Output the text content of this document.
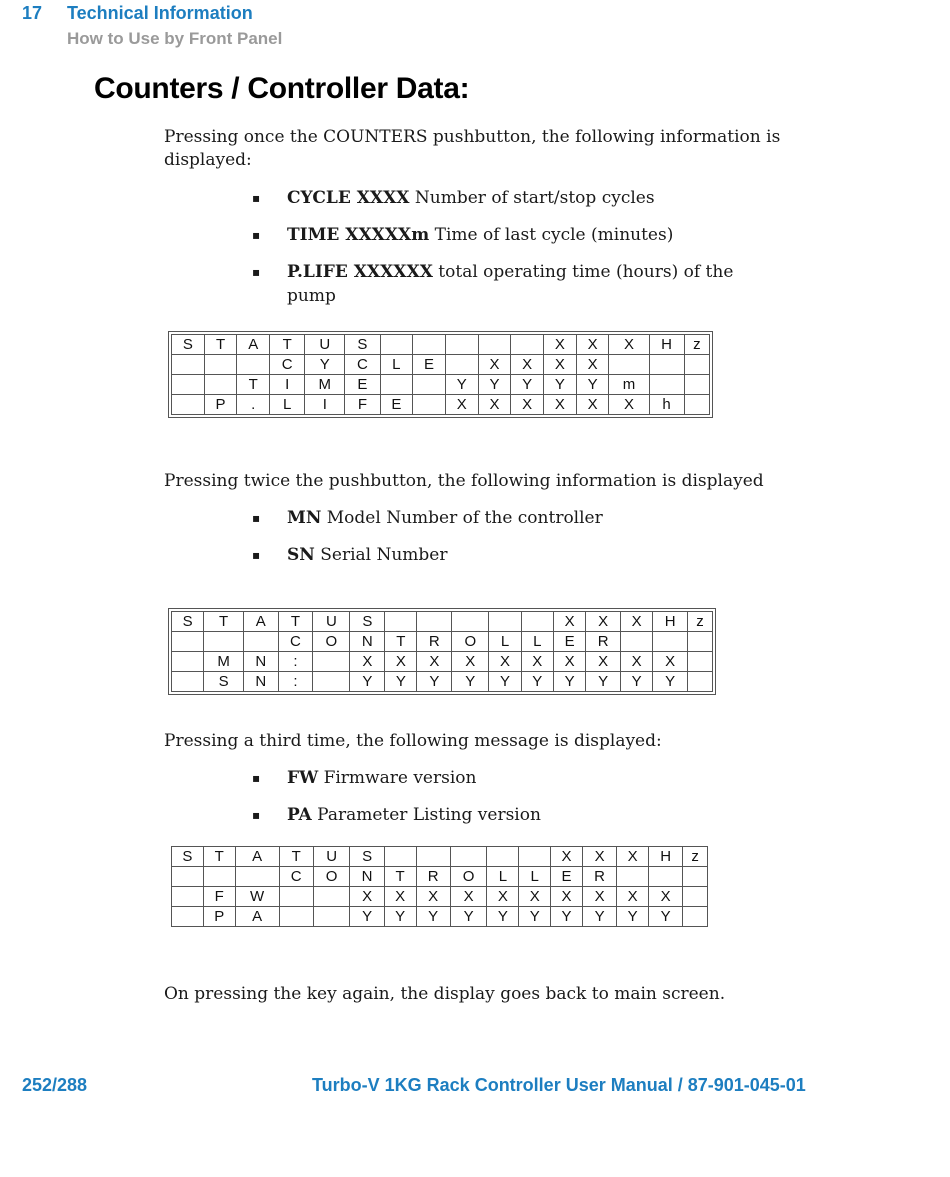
17 Technical Information
How to Use by Front Panel
Counters / Controller Data:
Pressing once the COUNTERS pushbutton, the following information is displayed:
▪ CYCLE XXXX Number of start/stop cycles
▪ TIME XXXXXm Time of last cycle (minutes)
▪ P.LIFE XXXXXX total operating time (hours) of the pump
S	T	A	T	U	S						X	X	X	H	z
			C	Y	C	L	E		X	X	X	X			
		T	I	M	E			Y	Y	Y	Y	Y	m		
	P	.	L	I	F	E		X	X	X	X	X	X	h	
Pressing twice the pushbutton, the following information is displayed
▪ MN Model Number of the controller
▪ SN Serial Number
S	T	A	T	U	S						X	X	X	H	z
			C	O	N	T	R	O	L	L	E	R			
	M	N	:		X	X	X	X	X	X	X	X	X	X	
	S	N	:		Y	Y	Y	Y	Y	Y	Y	Y	Y	Y	
Pressing a third time, the following message is displayed:
▪ FW Firmware version
▪ PA Parameter Listing version
S	T	A	T	U	S						X	X	X	H	z
			C	O	N	T	R	O	L	L	E	R			
	F	W			X	X	X	X	X	X	X	X	X	X	
	P	A			Y	Y	Y	Y	Y	Y	Y	Y	Y	Y	
On pressing the key again, the display goes back to main screen.
252/288	Turbo-V 1KG Rack Controller User Manual / 87-901-045-01
